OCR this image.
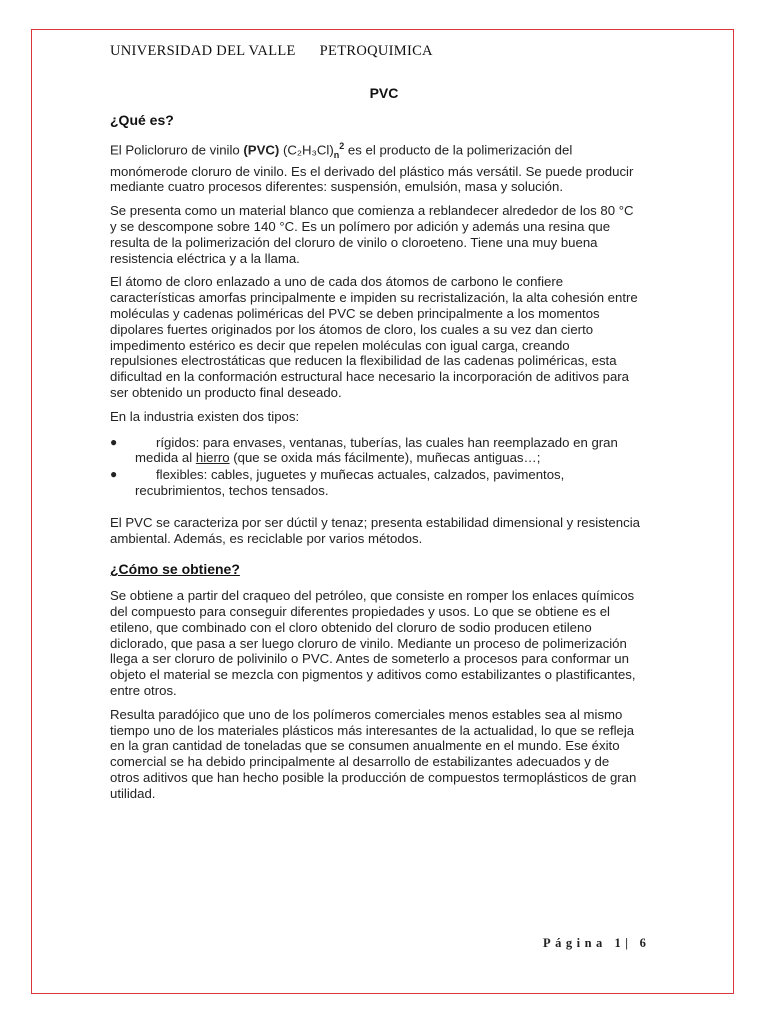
UNIVERSIDAD DEL VALLE PETROQUIMICA
PVC
¿Qué es?

El Policloruro de vinilo (PVC) $(C_2H_3Cl)_n^2$ es el producto de la polimerización del monómerode cloruro de vinilo. Es el derivado del plástico más versátil. Se puede producir mediante cuatro procesos diferentes: suspensión, emulsión, masa y solución.

Se presenta como un material blanco que comienza a reblandecer alrededor de los 80 °C y se descompone sobre 140 °C. Es un polímero por adición y además una resina que resulta de la polimerización del cloruro de vinilo o cloroeteno. Tiene una muy buena resistencia eléctrica y a la llama.

El átomo de cloro enlazado a uno de cada dos átomos de carbono le confiere características amorfas principalmente e impiden su recristalización, la alta cohesión entre moléculas y cadenas poliméricas del PVC se deben principalmente a los momentos dipolares fuertes originados por los átomos de cloro, los cuales a su vez dan cierto impedimento estérico es decir que repelen moléculas con igual carga, creando repulsiones electrostáticas que reducen la flexibilidad de las cadenas poliméricas, esta dificultad en la conformación estructural hace necesario la incorporación de aditivos para ser obtenido un producto final deseado.

En la industria existen dos tipos:

●	rígidos: para envases, ventanas, tuberías, las cuales han reemplazado en gran medida al hierro (que se oxida más fácilmente), muñecas antiguas…;
●	flexibles: cables, juguetes y muñecas actuales, calzados, pavimentos, recubrimientos, techos tensados.

El PVC se caracteriza por ser dúctil y tenaz; presenta estabilidad dimensional y resistencia ambiental. Además, es reciclable por varios métodos.

¿Cómo se obtiene?

Se obtiene a partir del craqueo del petróleo, que consiste en romper los enlaces químicos del compuesto para conseguir diferentes propiedades y usos. Lo que se obtiene es el etileno, que combinado con el cloro obtenido del cloruro de sodio producen etileno diclorado, que pasa a ser luego cloruro de vinilo. Mediante un proceso de polimerización llega a ser cloruro de polivinilo o PVC. Antes de someterlo a procesos para conformar un objeto el material se mezcla con pigmentos y aditivos como estabilizantes o plastificantes, entre otros.

Resulta paradójico que uno de los polímeros comerciales menos estables sea al mismo tiempo uno de los materiales plásticos más interesantes de la actualidad, lo que se refleja en la gran cantidad de toneladas que se consumen anualmente en el mundo. Ese éxito comercial se ha debido principalmente al desarrollo de estabilizantes adecuados y de otros aditivos que han hecho posible la producción de compuestos termoplásticos de gran utilidad.

Página 1| 6
